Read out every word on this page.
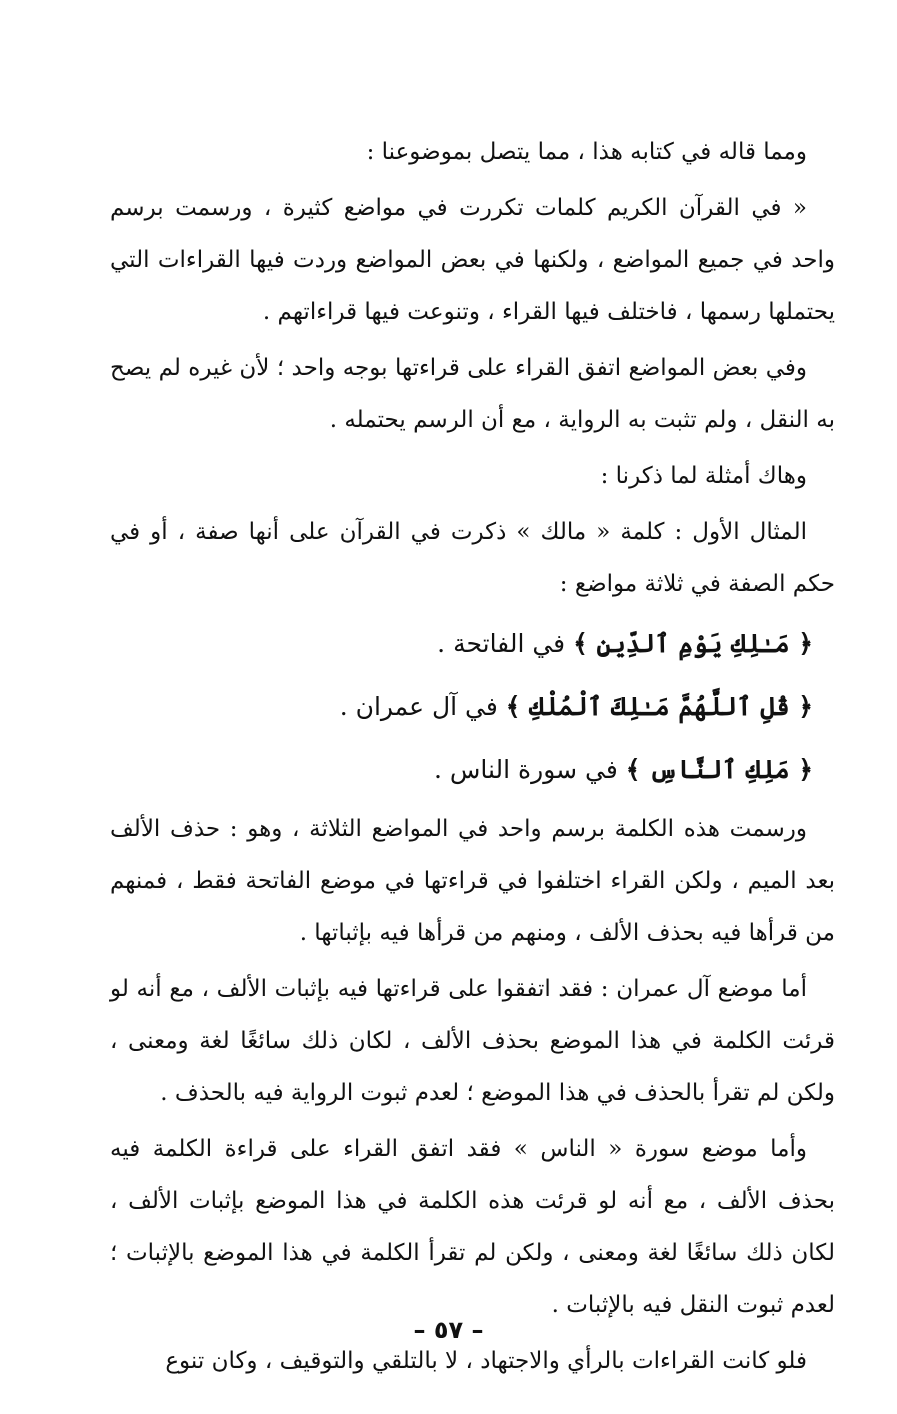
ومما قاله في كتابه هذا ، مما يتصل بموضوعنا :

« في القرآن الكريم كلمات تكررت في مواضع كثيرة ، ورسمت برسم واحد في جميع المواضع ، ولكنها في بعض المواضع وردت فيها القراءات التي يحتملها رسمها ، فاختلف فيها القراء ، وتنوعت فيها قراءاتهم .

وفي بعض المواضع اتفق القراء على قراءتها بوجه واحد ؛ لأن غيره لم يصح به النقل ، ولم تثبت به الرواية ، مع أن الرسم يحتمله .

وهاك أمثلة لما ذكرنا :

المثال الأول : كلمة « مالك » ذكرت في القرآن على أنها صفة ، أو في حكم الصفة في ثلاثة مواضع :

﴿ مَـٰلِكِ يَوْمِ ٱلدِّينِ ﴾ في الفاتحة .

﴿ قُلِ ٱللَّهُمَّ مَـٰلِكَ ٱلْمُلْكِ ﴾ في آل عمران .

﴿ مَلِكِ ٱلنَّاسِ ﴾ في سورة الناس .

ورسمت هذه الكلمة برسم واحد في المواضع الثلاثة ، وهو : حذف الألف بعد الميم ، ولكن القراء اختلفوا في قراءتها في موضع الفاتحة فقط ، فمنهم من قرأها فيه بحذف الألف ، ومنهم من قرأها فيه بإثباتها .

أما موضع آل عمران : فقد اتفقوا على قراءتها فيه بإثبات الألف ، مع أنه لو قرئت الكلمة في هذا الموضع بحذف الألف ، لكان ذلك سائغًا لغة ومعنى ، ولكن لم تقرأ بالحذف في هذا الموضع ؛ لعدم ثبوت الرواية فيه بالحذف .

وأما موضع سورة « الناس » فقد اتفق القراء على قراءة الكلمة فيه بحذف الألف ، مع أنه لو قرئت هذه الكلمة في هذا الموضع بإثبات الألف ، لكان ذلك سائغًا لغة ومعنى ، ولكن لم تقرأ الكلمة في هذا الموضع بالإثبات ؛ لعدم ثبوت النقل فيه بالإثبات .

فلو كانت القراءات بالرأي والاجتهاد ، لا بالتلقي والتوقيف ، وكان تنوع

– ٥٧ –
